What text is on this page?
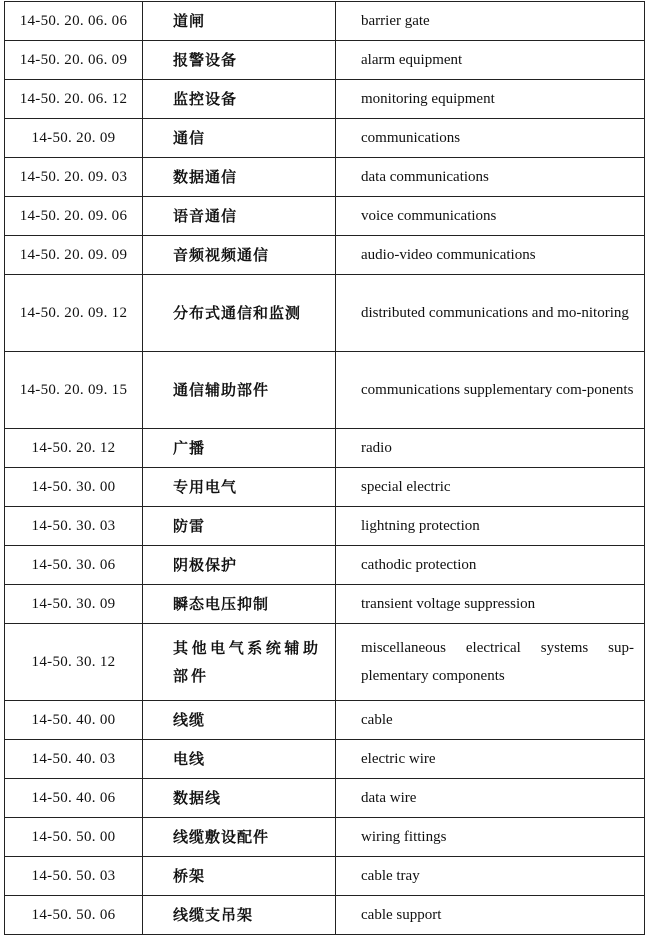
14-50. 20. 06. 06	道闸	barrier gate
14-50. 20. 06. 09	报警设备	alarm equipment
14-50. 20. 06. 12	监控设备	monitoring equipment
14-50. 20. 09	通信	communications
14-50. 20. 09. 03	数据通信	data communications
14-50. 20. 09. 06	语音通信	voice communications
14-50. 20. 09. 09	音频视频通信	audio-video communications
14-50. 20. 09. 12	分布式通信和监测	distributed communications and mo-nitoring
14-50. 20. 09. 15	通信辅助部件	communications supplementary com-ponents
14-50. 20. 12	广播	radio
14-50. 30. 00	专用电气	special electric
14-50. 30. 03	防雷	lightning protection
14-50. 30. 06	阴极保护	cathodic protection
14-50. 30. 09	瞬态电压抑制	transient voltage suppression
14-50. 30. 12	其他电气系统辅助部件	miscellaneous electrical systems sup-plementary components
14-50. 40. 00	线缆	cable
14-50. 40. 03	电线	electric wire
14-50. 40. 06	数据线	data wire
14-50. 50. 00	线缆敷设配件	wiring fittings
14-50. 50. 03	桥架	cable tray
14-50. 50. 06	线缆支吊架	cable support
